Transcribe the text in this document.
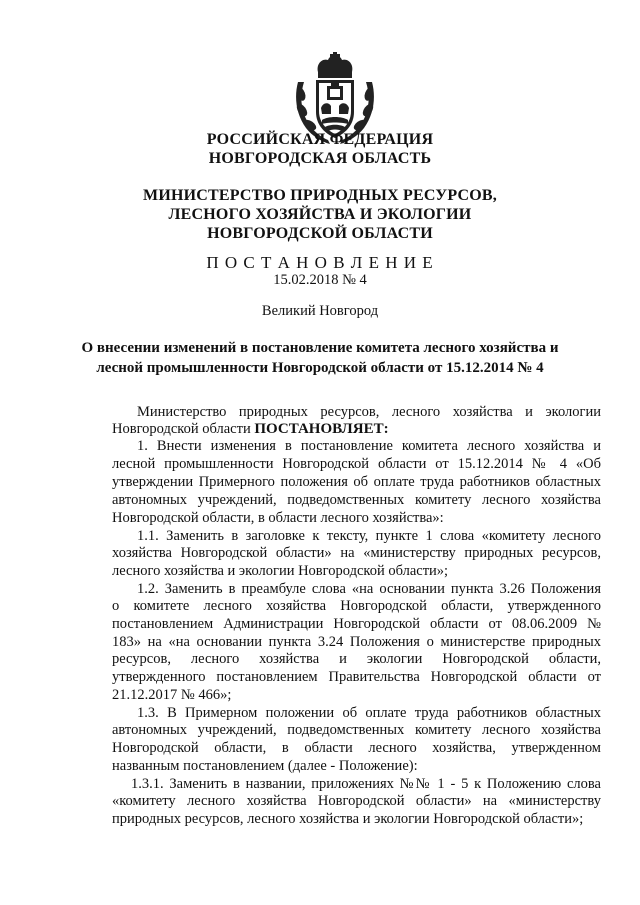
РОССИЙСКАЯ ФЕДЕРАЦИЯ
НОВГОРОДСКАЯ ОБЛАСТЬ
МИНИСТЕРСТВО ПРИРОДНЫХ РЕСУРСОВ,
ЛЕСНОГО ХОЗЯЙСТВА И ЭКОЛОГИИ
НОВГОРОДСКОЙ ОБЛАСТИ
П О С Т А Н О В Л Е Н И Е
15.02.2018 № 4
Великий Новгород
О внесении изменений в постановление комитета лесного хозяйства и
лесной промышленности Новгородской области от 15.12.2014 № 4
Министерство природных ресурсов, лесного хозяйства и экологии
Новгородской области ПОСТАНОВЛЯЕТ:
1. Внести изменения в постановление комитета лесного хозяйства и
лесной промышленности Новгородской области от 15.12.2014 № 4 «Об
утверждении Примерного положения об оплате труда работников областных
автономных учреждений, подведомственных комитету лесного хозяйства
Новгородской области, в области лесного хозяйства»:
1.1. Заменить в заголовке к тексту, пункте 1 слова «комитету лесного
хозяйства Новгородской области» на «министерству природных ресурсов,
лесного хозяйства и экологии Новгородской области»;
1.2. Заменить в преамбуле слова «на основании пункта 3.26 Положения
о комитете лесного хозяйства Новгородской области, утвержденного
постановлением Администрации Новгородской области от 08.06.2009 №
183» на «на основании пункта 3.24 Положения о министерстве природных
ресурсов, лесного хозяйства и экологии Новгородской области,
утвержденного постановлением Правительства Новгородской области от
21.12.2017 № 466»;
1.3. В Примерном положении об оплате труда работников областных
автономных учреждений, подведомственных комитету лесного хозяйства
Новгородской области, в области лесного хозяйства, утвержденном
названным постановлением (далее - Положение):
1.3.1. Заменить в названии, приложениях №№ 1 - 5 к Положению слова
«комитету лесного хозяйства Новгородской области» на «министерству
природных ресурсов, лесного хозяйства и экологии Новгородской области»;
